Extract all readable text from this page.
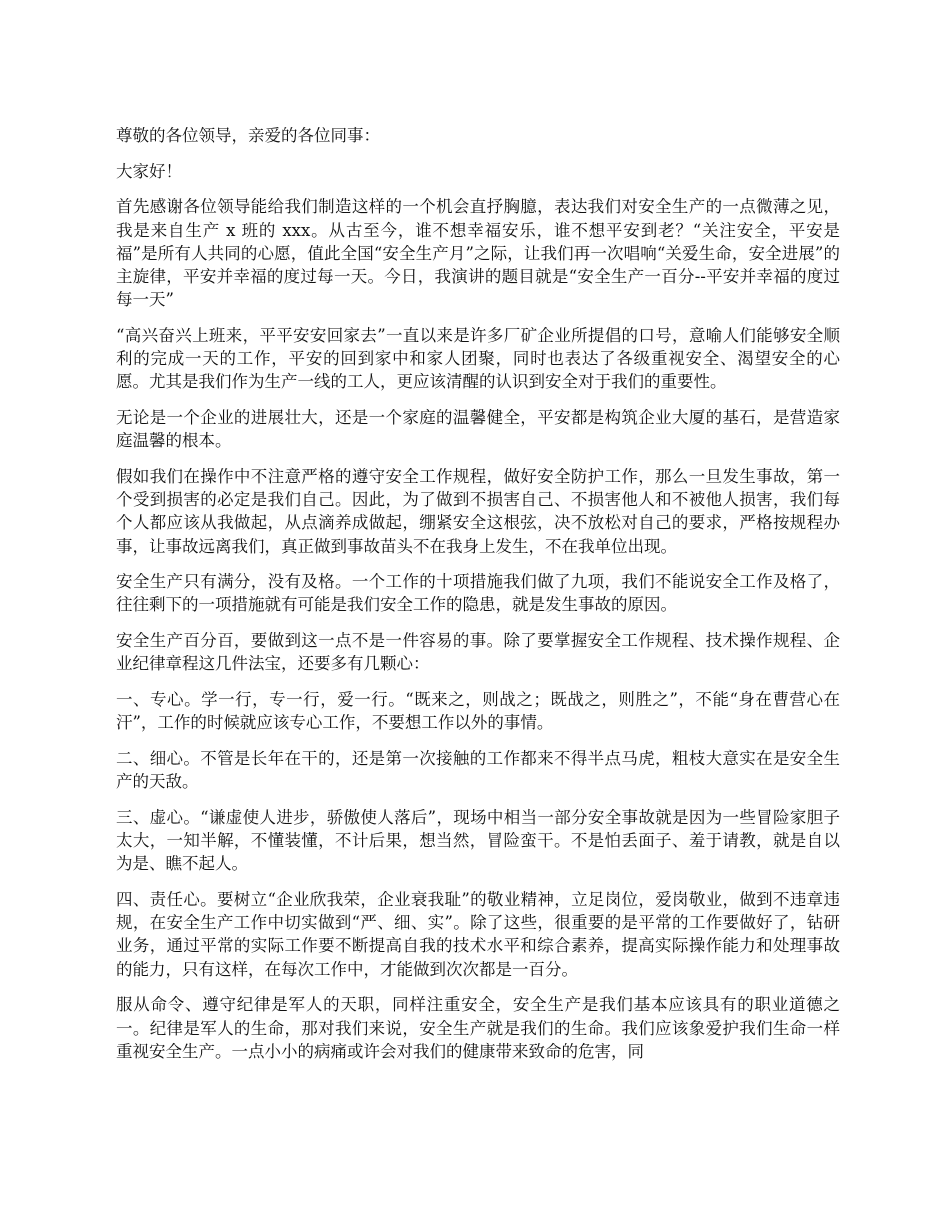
尊敬的各位领导，亲爱的各位同事：

大家好！

首先感谢各位领导能给我们制造这样的一个机会直抒胸臆，表达我们对安全生产的一点微薄之见，我是来自生产 x 班的 xxx。从古至今，谁不想幸福安乐，谁不想平安到老？“关注安全，平安是福”是所有人共同的心愿，值此全国“安全生产月”之际，让我们再一次唱响“关爱生命，安全进展”的主旋律，平安并幸福的度过每一天。今日，我演讲的题目就是“安全生产一百分--平安并幸福的度过每一天”

“高兴奋兴上班来，平平安安回家去”一直以来是许多厂矿企业所提倡的口号，意喻人们能够安全顺利的完成一天的工作，平安的回到家中和家人团聚，同时也表达了各级重视安全、渴望安全的心愿。尤其是我们作为生产一线的工人，更应该清醒的认识到安全对于我们的重要性。

无论是一个企业的进展壮大，还是一个家庭的温馨健全，平安都是构筑企业大厦的基石，是营造家庭温馨的根本。

假如我们在操作中不注意严格的遵守安全工作规程，做好安全防护工作，那么一旦发生事故，第一个受到损害的必定是我们自己。因此，为了做到不损害自己、不损害他人和不被他人损害，我们每个人都应该从我做起，从点滴养成做起，绷紧安全这根弦，决不放松对自己的要求，严格按规程办事，让事故远离我们，真正做到事故苗头不在我身上发生，不在我单位出现。

安全生产只有满分，没有及格。一个工作的十项措施我们做了九项，我们不能说安全工作及格了，往往剩下的一项措施就有可能是我们安全工作的隐患，就是发生事故的原因。

安全生产百分百，要做到这一点不是一件容易的事。除了要掌握安全工作规程、技术操作规程、企业纪律章程这几件法宝，还要多有几颗心：

一、专心。学一行，专一行，爱一行。“既来之，则战之；既战之，则胜之”，不能“身在曹营心在汗”，工作的时候就应该专心工作，不要想工作以外的事情。

二、细心。不管是长年在干的，还是第一次接触的工作都来不得半点马虎，粗枝大意实在是安全生产的天敌。

三、虚心。“谦虚使人进步，骄傲使人落后”，现场中相当一部分安全事故就是因为一些冒险家胆子太大，一知半解，不懂装懂，不计后果，想当然，冒险蛮干。不是怕丢面子、羞于请教，就是自以为是、瞧不起人。

四、责任心。要树立“企业欣我荣，企业衰我耻”的敬业精神，立足岗位，爱岗敬业，做到不违章违规，在安全生产工作中切实做到“严、细、实”。除了这些，很重要的是平常的工作要做好了，钻研业务，通过平常的实际工作要不断提高自我的技术水平和综合素养，提高实际操作能力和处理事故的能力，只有这样，在每次工作中，才能做到次次都是一百分。

服从命令、遵守纪律是军人的天职，同样注重安全，安全生产是我们基本应该具有的职业道德之一。纪律是军人的生命，那对我们来说，安全生产就是我们的生命。我们应该象爱护我们生命一样重视安全生产。一点小小的病痛或许会对我们的健康带来致命的危害，同
